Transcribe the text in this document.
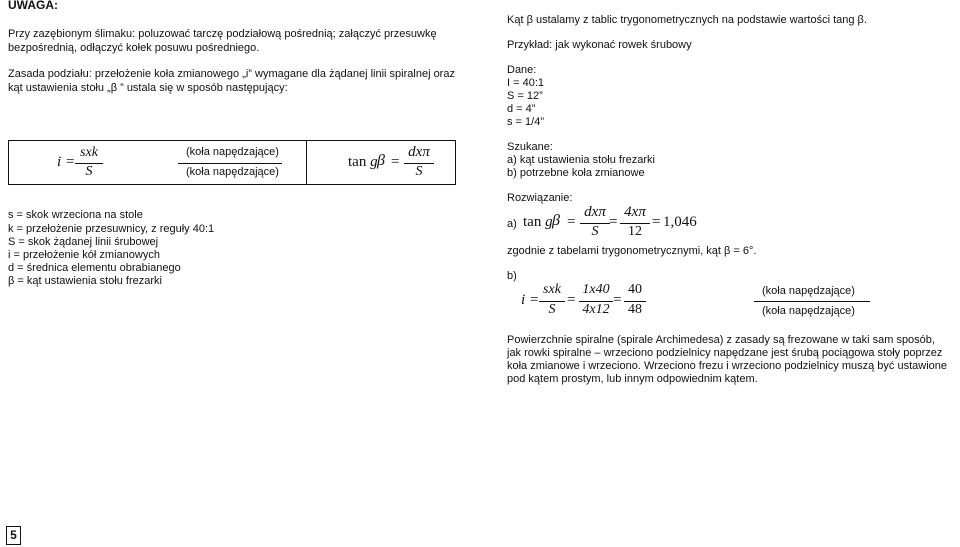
UWAGA:
Przy zazębionym ślimaku: poluzować tarczę podziałową pośrednią; załączyć przesuwkę
bezpośrednią, odłączyć kołek posuwu pośredniego.
Zasada podziału: przełożenie koła zmianowego „i” wymagane dla żądanej linii spiralnej oraz
kąt ustawienia stołu „β ” ustala się w sposób następujący:
i =
sxk
S
(koła napędzające)
(koła napędzające)
tan g β =
dxπ
S
s = skok wrzeciona na stole
k = przełożenie przesuwnicy, z reguły 40:1
S = skok żądanej linii śrubowej
i = przełożenie kół zmianowych
d = średnica elementu obrabianego
β = kąt ustawienia stołu frezarki
Kąt β ustalamy z tablic trygonometrycznych na podstawie wartości tang β.
Przykład: jak wykonać rowek śrubowy
Dane:
I = 40:1
S = 12”
d = 4”
s = 1/4”
Szukane:
a) kąt ustawienia stołu frezarki
b) potrzebne koła zmianowe
Rozwiązanie:
a) tan g β =
dxπ
S
=
4xπ
12
= 1,046
zgodnie z tabelami trygonometrycznymi, kąt β = 6°.
b)
i =
sxk
S
=
1x40
4x12
=
40
48
(koła napędzające)
(koła napędzające)
Powierzchnie spiralne (spirale Archimedesa) z zasady są frezowane w taki sam sposób,
jak rowki spiralne – wrzeciono podzielnicy napędzane jest śrubą pociągowa stoły poprzez
koła zmianowe i wrzeciono. Wrzeciono frezu i wrzeciono podzielnicy muszą być ustawione
pod kątem prostym, lub innym odpowiednim kątem.
5
